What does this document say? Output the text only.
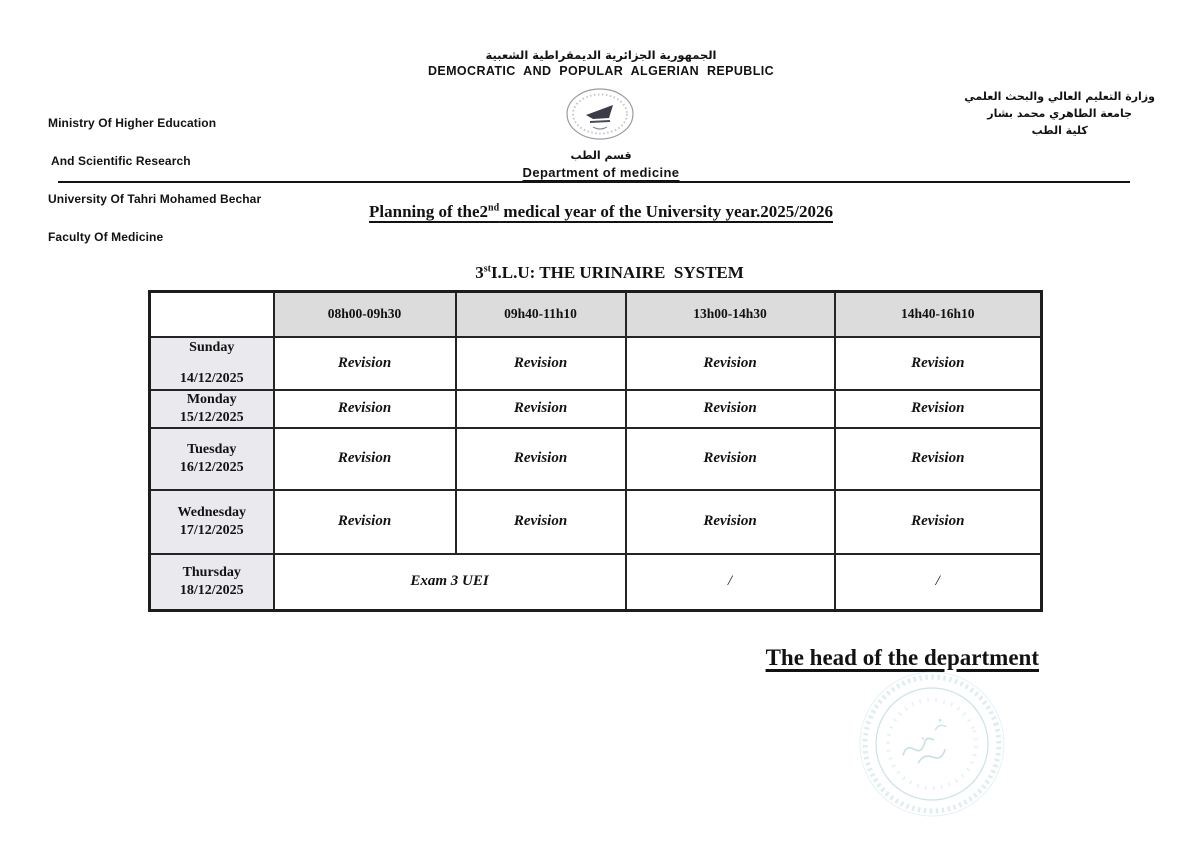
الجمهورية الجزائرية الديمقراطية الشعبية
DEMOCRATIC AND POPULAR ALGERIAN REPUBLIC

Ministry Of Higher Education

And Scientific Research

University Of Tahri Mohamed Bechar

Faculty Of Medicine

وزارة التعليم العالي والبحث العلمي
جامعة الطاهري محمد بشار
كلية الطب
قسم الطب
Department of medicine
Planning of the2nd medical year of the University year.2025/2026

3stI.L.U: THE URINAIRE  SYSTEM

	08h00-09h30	09h40-11h10	13h00-14h30	14h40-16h10

Sunday
14/12/2025	Revision	Revision	Revision	Revision

Monday
15/12/2025	Revision	Revision	Revision	Revision

Tuesday
16/12/2025	Revision	Revision	Revision	Revision

Wednesday
17/12/2025	Revision	Revision	Revision	Revision

Thursday
18/12/2025	Exam 3 UEI		/	/
The head of the department
